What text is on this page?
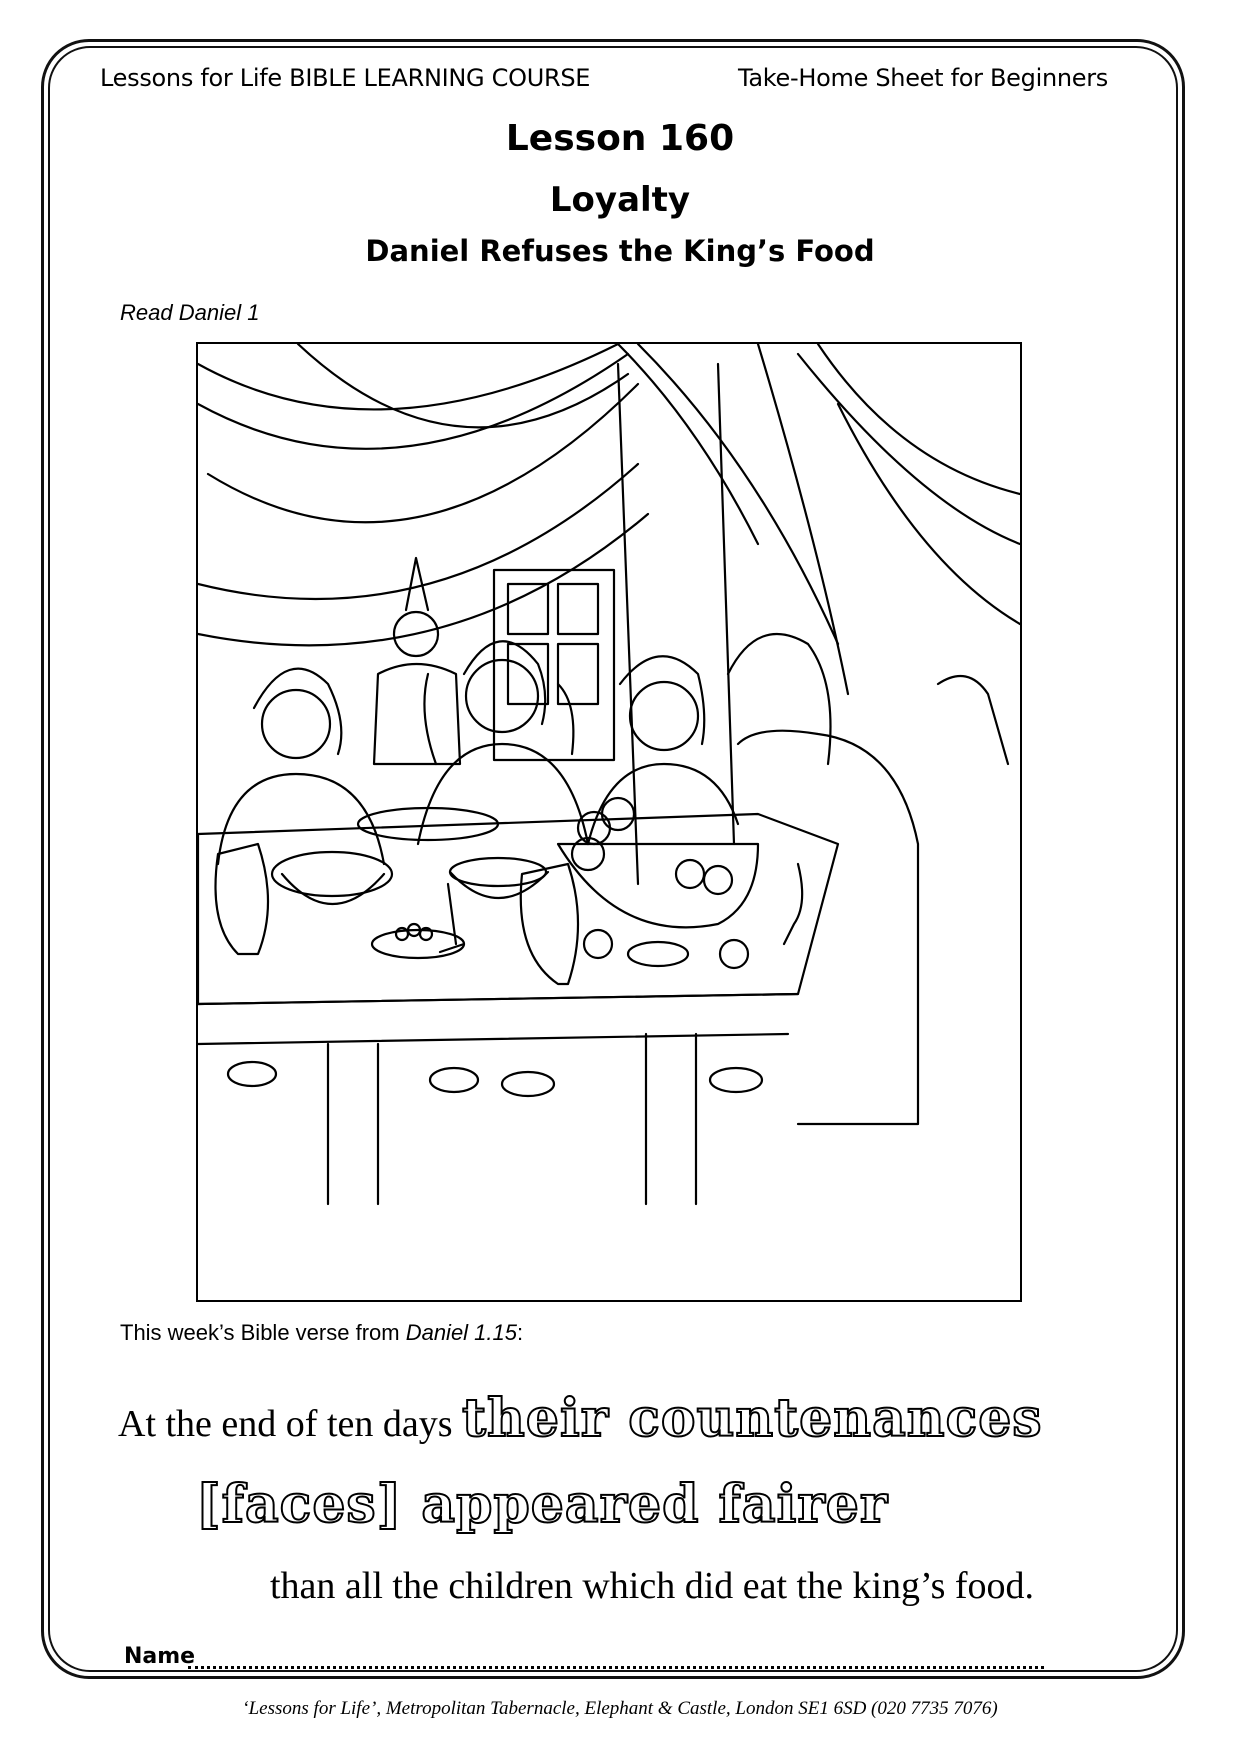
Lessons for Life BIBLE LEARNING COURSE	Take-Home Sheet for Beginners
Lesson 160
Loyalty
Daniel Refuses the King’s Food
Read Daniel 1
This week’s Bible verse from Daniel 1.15:
At the end of ten days their countenances
[faces] appeared fairer
than all the children which did eat the king’s food.
Name
‘Lessons for Life’, Metropolitan Tabernacle, Elephant & Castle, London SE1 6SD (020 7735 7076)
